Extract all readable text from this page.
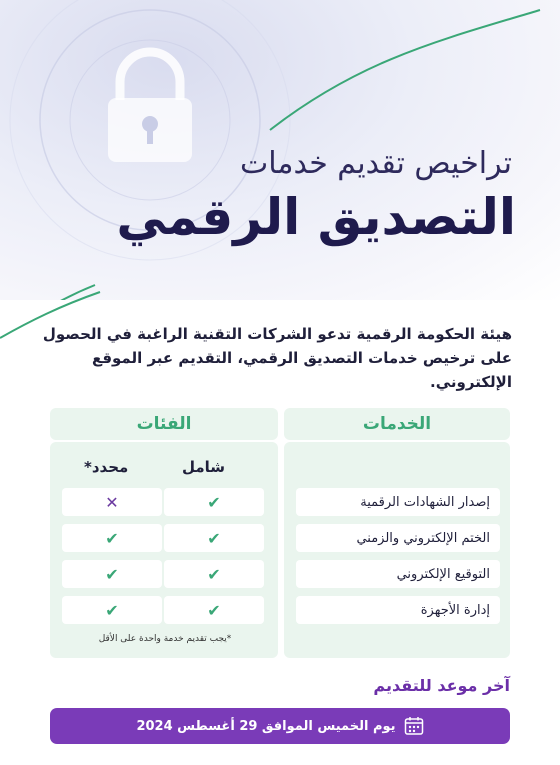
تراخيص تقديم خدمات
التصديق الرقمي
هيئة الحكومة الرقمية تدعو الشركات التقنية الراغبة في الحصول على ترخيص خدمات التصديق الرقمي، التقديم عبر الموقع الإلكتروني.
الخدمات
الفئات
شامل
محدد*
إصدار الشهادات الرقمية
الختم الإلكتروني والزمني
التوقيع الإلكتروني
إدارة الأجهزة
✔
✕
✔
✔
✔
✔
✔
✔
*يجب تقديم خدمة واحدة على الأقل
آخر موعد للتقديم
يوم الخميس الموافق 29 أغسطس 2024
